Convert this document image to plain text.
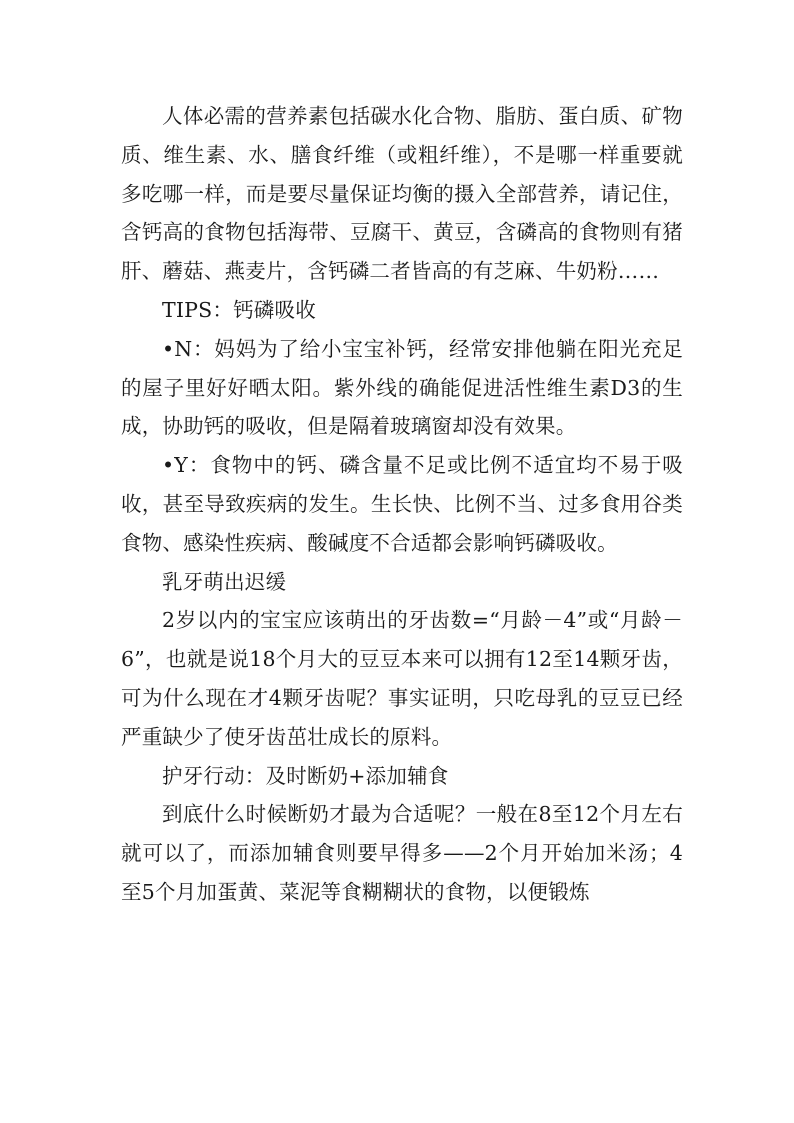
人体必需的营养素包括碳水化合物、脂肪、蛋白质、矿物质、维生素、水、膳食纤维（或粗纤维），不是哪一样重要就多吃哪一样，而是要尽量保证均衡的摄入全部营养，请记住，含钙高的食物包括海带、豆腐干、黄豆，含磷高的食物则有猪肝、蘑菇、燕麦片，含钙磷二者皆高的有芝麻、牛奶粉……

TIPS：钙磷吸收

•N：妈妈为了给小宝宝补钙，经常安排他躺在阳光充足的屋子里好好晒太阳。紫外线的确能促进活性维生素D3的生成，协助钙的吸收，但是隔着玻璃窗却没有效果。

•Y：食物中的钙、磷含量不足或比例不适宜均不易于吸收，甚至导致疾病的发生。生长快、比例不当、过多食用谷类食物、感染性疾病、酸碱度不合适都会影响钙磷吸收。

乳牙萌出迟缓

2岁以内的宝宝应该萌出的牙齿数=“月龄－4”或“月龄－6”，也就是说18个月大的豆豆本来可以拥有12至14颗牙齿，可为什么现在才4颗牙齿呢？事实证明，只吃母乳的豆豆已经严重缺少了使牙齿茁壮成长的原料。

护牙行动：及时断奶+添加辅食

到底什么时候断奶才最为合适呢？一般在8至12个月左右就可以了，而添加辅食则要早得多——2个月开始加米汤；4至5个月加蛋黄、菜泥等食糊糊状的食物，以便锻炼
